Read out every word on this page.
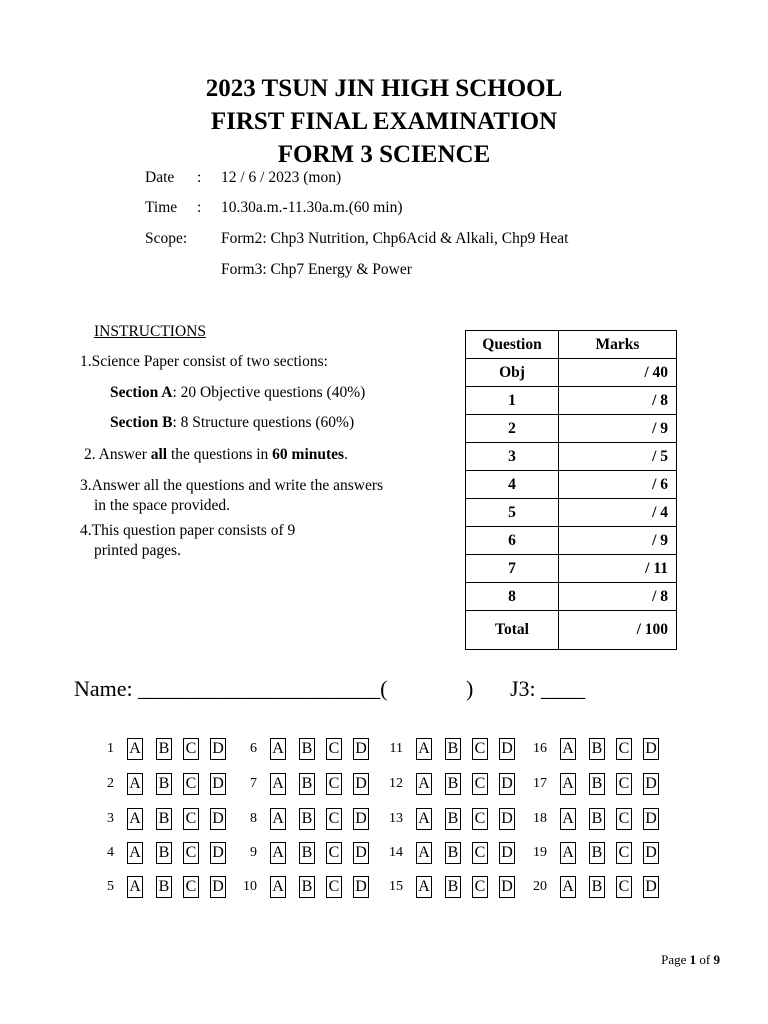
2023 TSUN JIN HIGH SCHOOL
FIRST FINAL EXAMINATION
FORM 3 SCIENCE
Date : 12 / 6 / 2023 (mon)
Time : 10.30a.m.-11.30a.m.(60 min)
Scope: Form2: Chp3 Nutrition, Chp6Acid & Alkali, Chp9 Heat
Form3: Chp7 Energy & Power
INSTRUCTIONS
1.Science Paper consist of two sections:
Section A: 20 Objective questions (40%)
Section B: 8 Structure questions (60%)
2. Answer all the questions in 60 minutes.
3.Answer all the questions and write the answers
in the space provided.
4.This question paper consists of 9
printed pages.
Question	Marks
Obj	/ 40
1	/ 8
2	/ 9
3	/ 5
4	/ 6
5	/ 4
6	/ 9
7	/ 11
8	/ 8
Total	/ 100
Name: ______________________(	) J3: ____
1 A B C D	6 A B C D	11 A B C D	16 A B C D
2 A B C D	7 A B C D	12 A B C D	17 A B C D
3 A B C D	8 A B C D	13 A B C D	18 A B C D
4 A B C D	9 A B C D	14 A B C D	19 A B C D
5 A B C D	10 A B C D	15 A B C D	20 A B C D
Page 1 of 9
